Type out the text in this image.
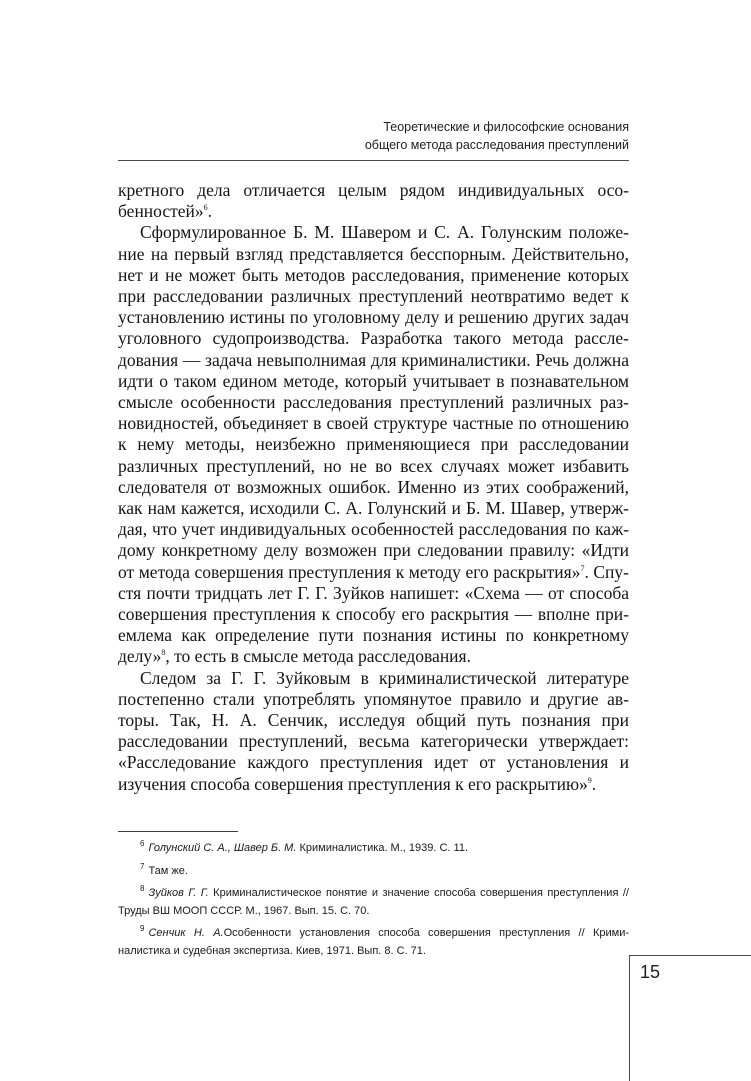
Теоретические и философские основания
общего метода расследования преступлений

кретного дела отличается целым рядом индивидуальных особенностей»$^6$.

Сформулированное Б. М. Шавером и С. А. Голунским положение на первый взгляд представляется бесспорным. Действительно, нет и не может быть методов расследования, применение которых при расследовании различных преступлений неотвратимо ведет к установлению истины по уголовному делу и решению других задач уголовного судопроизводства. Разработка такого метода расследования — задача невыполнимая для криминалистики. Речь должна идти о таком едином методе, который учитывает в познавательном смысле особенности расследования преступлений различных разновидностей, объединяет в своей структуре частные по отношению к нему методы, неизбежно применяющиеся при расследовании различных преступлений, но не во всех случаях может избавить следователя от возможных ошибок. Именно из этих соображений, как нам кажется, исходили С. А. Голунский и Б. М. Шавер, утверждая, что учет индивидуальных особенностей расследования по каждому конкретному делу возможен при следовании правилу: «Идти от метода совершения преступления к методу его раскрытия»$^7$. Спустя почти тридцать лет Г. Г. Зуйков напишет: «Схема — от способа совершения преступления к способу его раскрытия — вполне приемлема как определение пути познания истины по конкретному делу»$^8$, то есть в смысле метода расследования.

Следом за Г. Г. Зуйковым в криминалистической литературе постепенно стали употреблять упомянутое правило и другие авторы. Так, Н. А. Сенчик, исследуя общий путь познания при расследовании преступлений, весьма категорически утверждает: «Расследование каждого преступления идет от установления и изучения способа совершения преступления к его раскрытию»$^9$.

$^6$ Голунский С. А., Шавер Б. М. Криминалистика. М., 1939. С. 11.

$^7$ Там же.

$^8$ Зуйков Г. Г. Криминалистическое понятие и значение способа совершения преступления // Труды ВШ МООП СССР. М., 1967. Вып. 15. С. 70.

$^9$ Сенчик Н. А.Особенности установления способа совершения преступления // Криминалистика и судебная экспертиза. Киев, 1971. Вып. 8. С. 71.

15
